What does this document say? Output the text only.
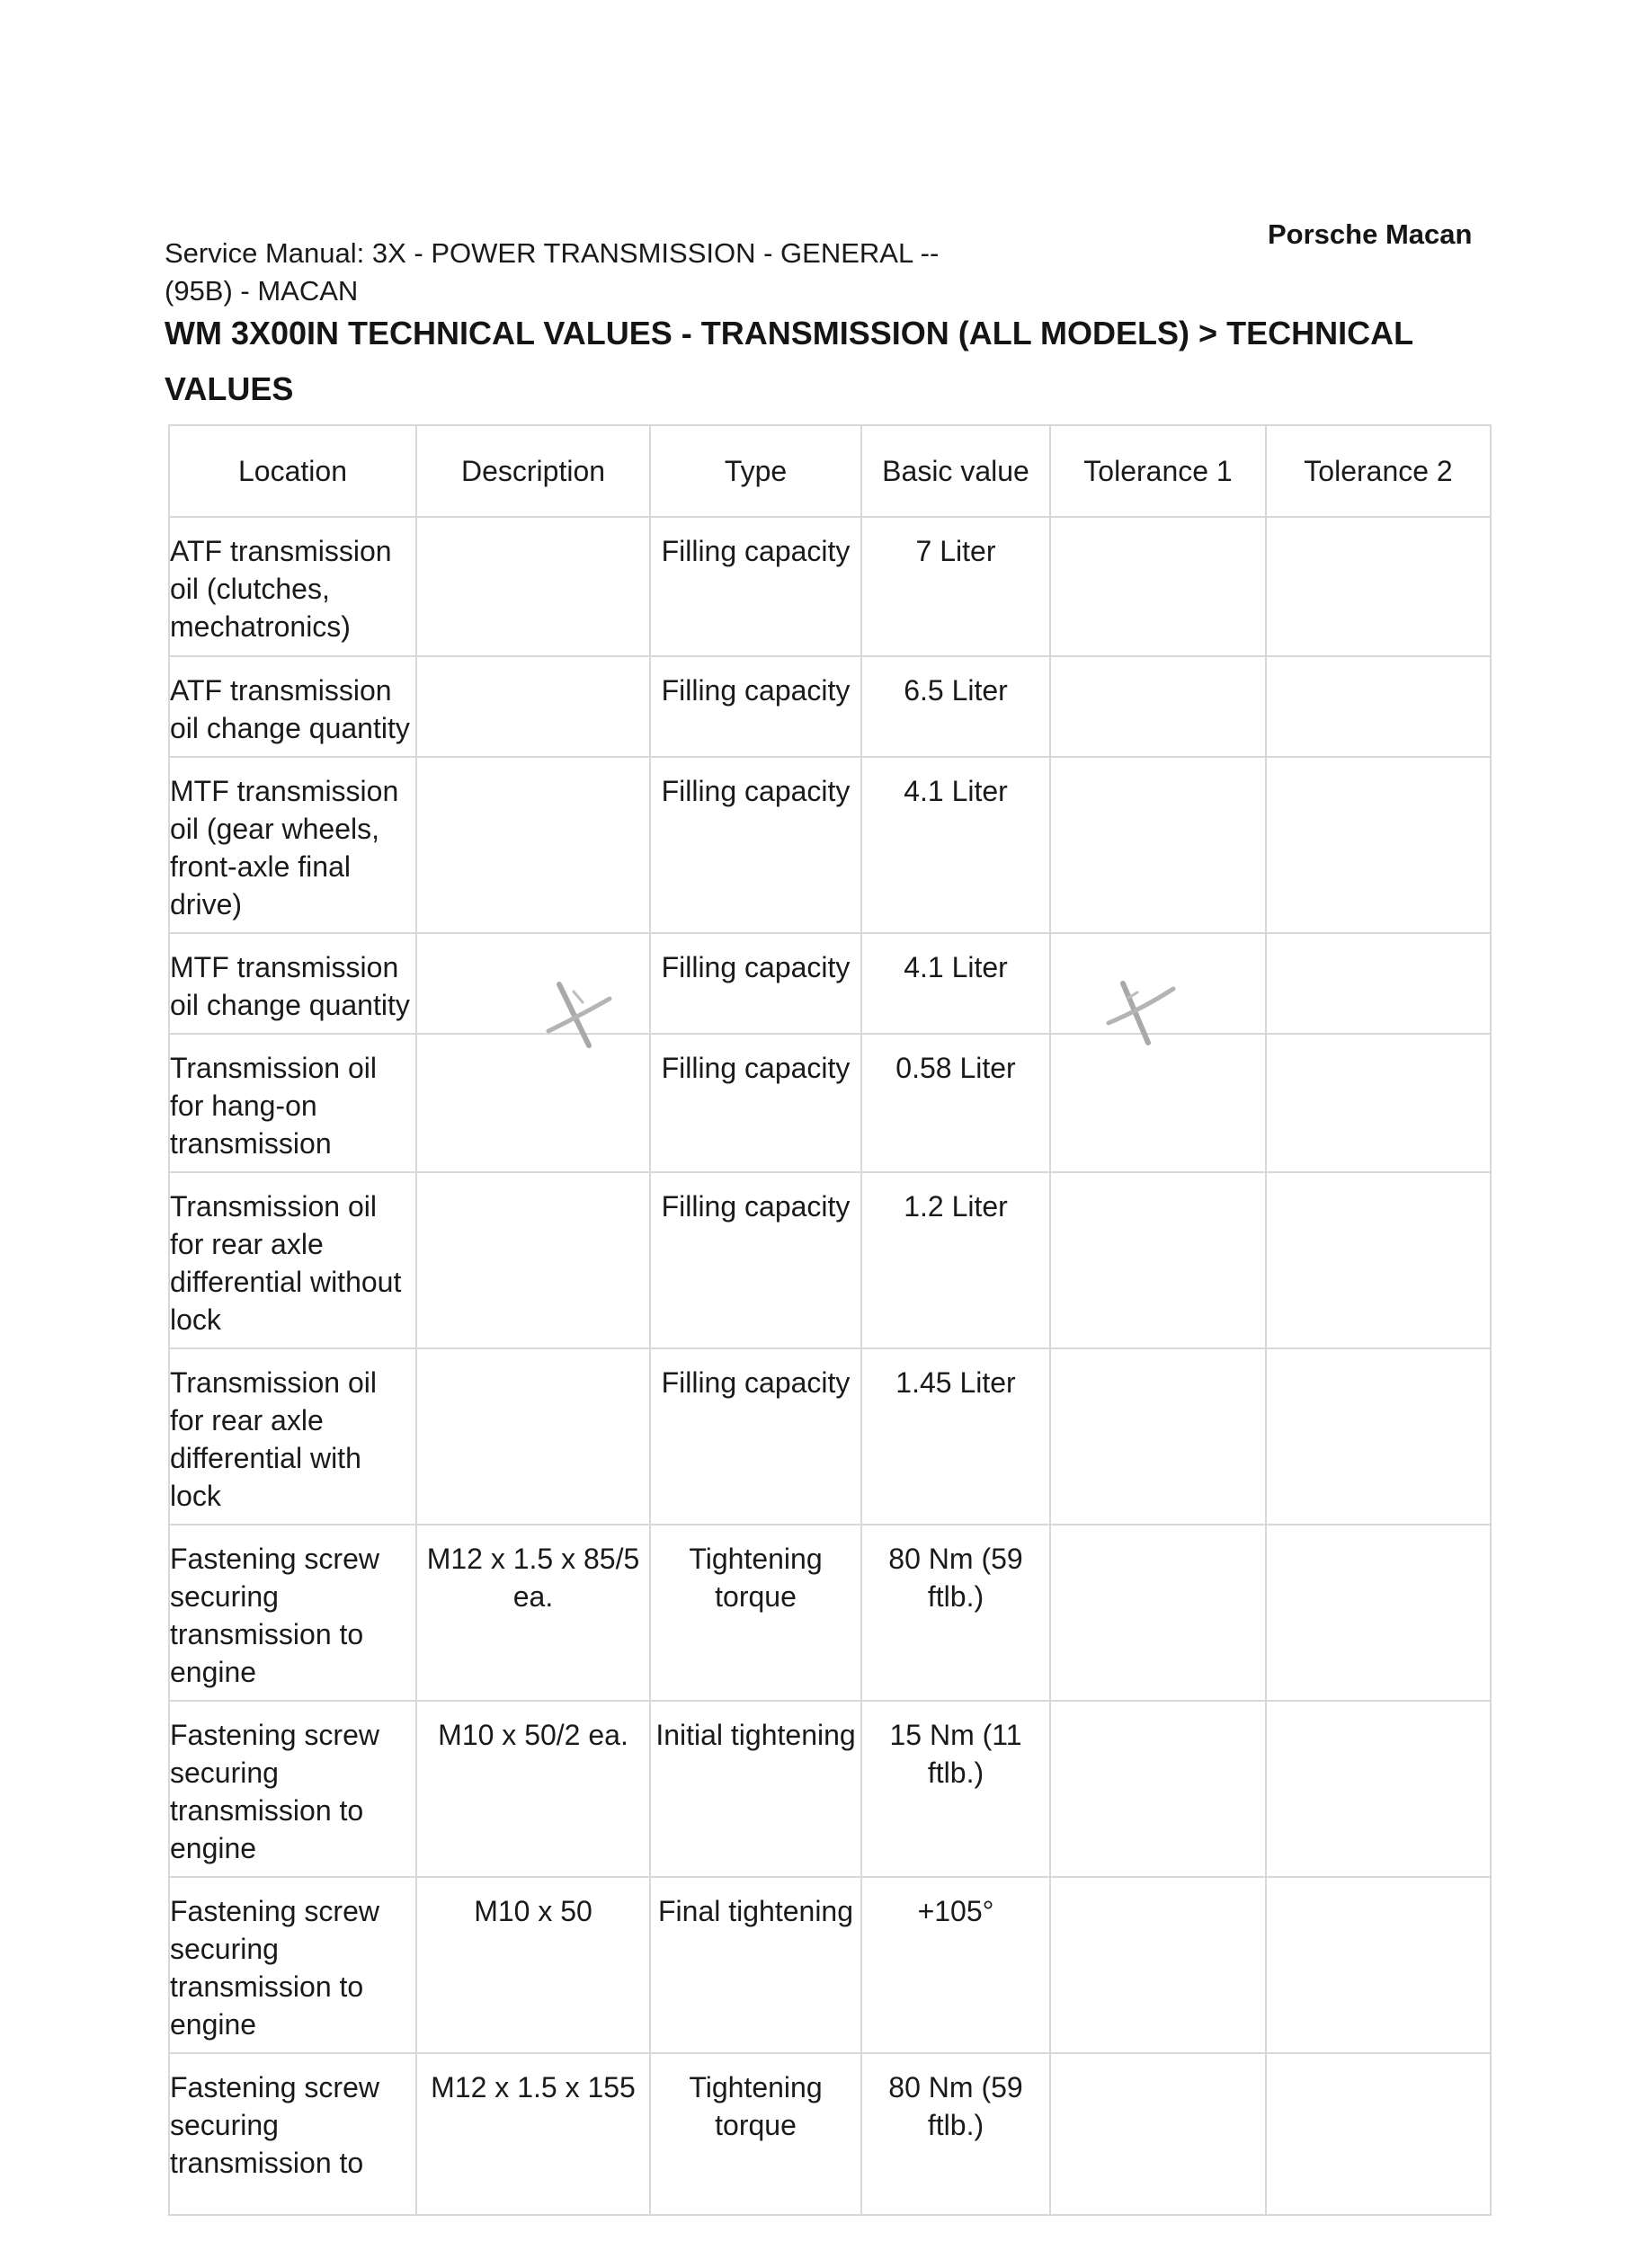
Porsche Macan
Service Manual: 3X - POWER TRANSMISSION - GENERAL --
(95B) - MACAN
WM 3X00IN TECHNICAL VALUES - TRANSMISSION (ALL MODELS) > TECHNICAL VALUES
Location	Description	Type	Basic value	Tolerance 1	Tolerance 2
ATF transmission oil (clutches, mechatronics)		Filling capacity	7 Liter		
ATF transmission oil change quantity		Filling capacity	6.5 Liter		
MTF transmission oil (gear wheels, front-axle final drive)		Filling capacity	4.1 Liter		
MTF transmission oil change quantity		Filling capacity	4.1 Liter		
Transmission oil for hang-on transmission		Filling capacity	0.58 Liter		
Transmission oil for rear axle differential without lock		Filling capacity	1.2 Liter		
Transmission oil for rear axle differential with lock		Filling capacity	1.45 Liter		
Fastening screw securing transmission to engine	M12 x 1.5 x 85/5 ea.	Tightening torque	80 Nm (59 ftlb.)		
Fastening screw securing transmission to engine	M10 x 50/2 ea.	Initial tightening	15 Nm (11 ftlb.)		
Fastening screw securing transmission to engine	M10 x 50	Final tightening	+105°		
Fastening screw securing transmission to	M12 x 1.5 x 155	Tightening torque	80 Nm (59 ftlb.)		
